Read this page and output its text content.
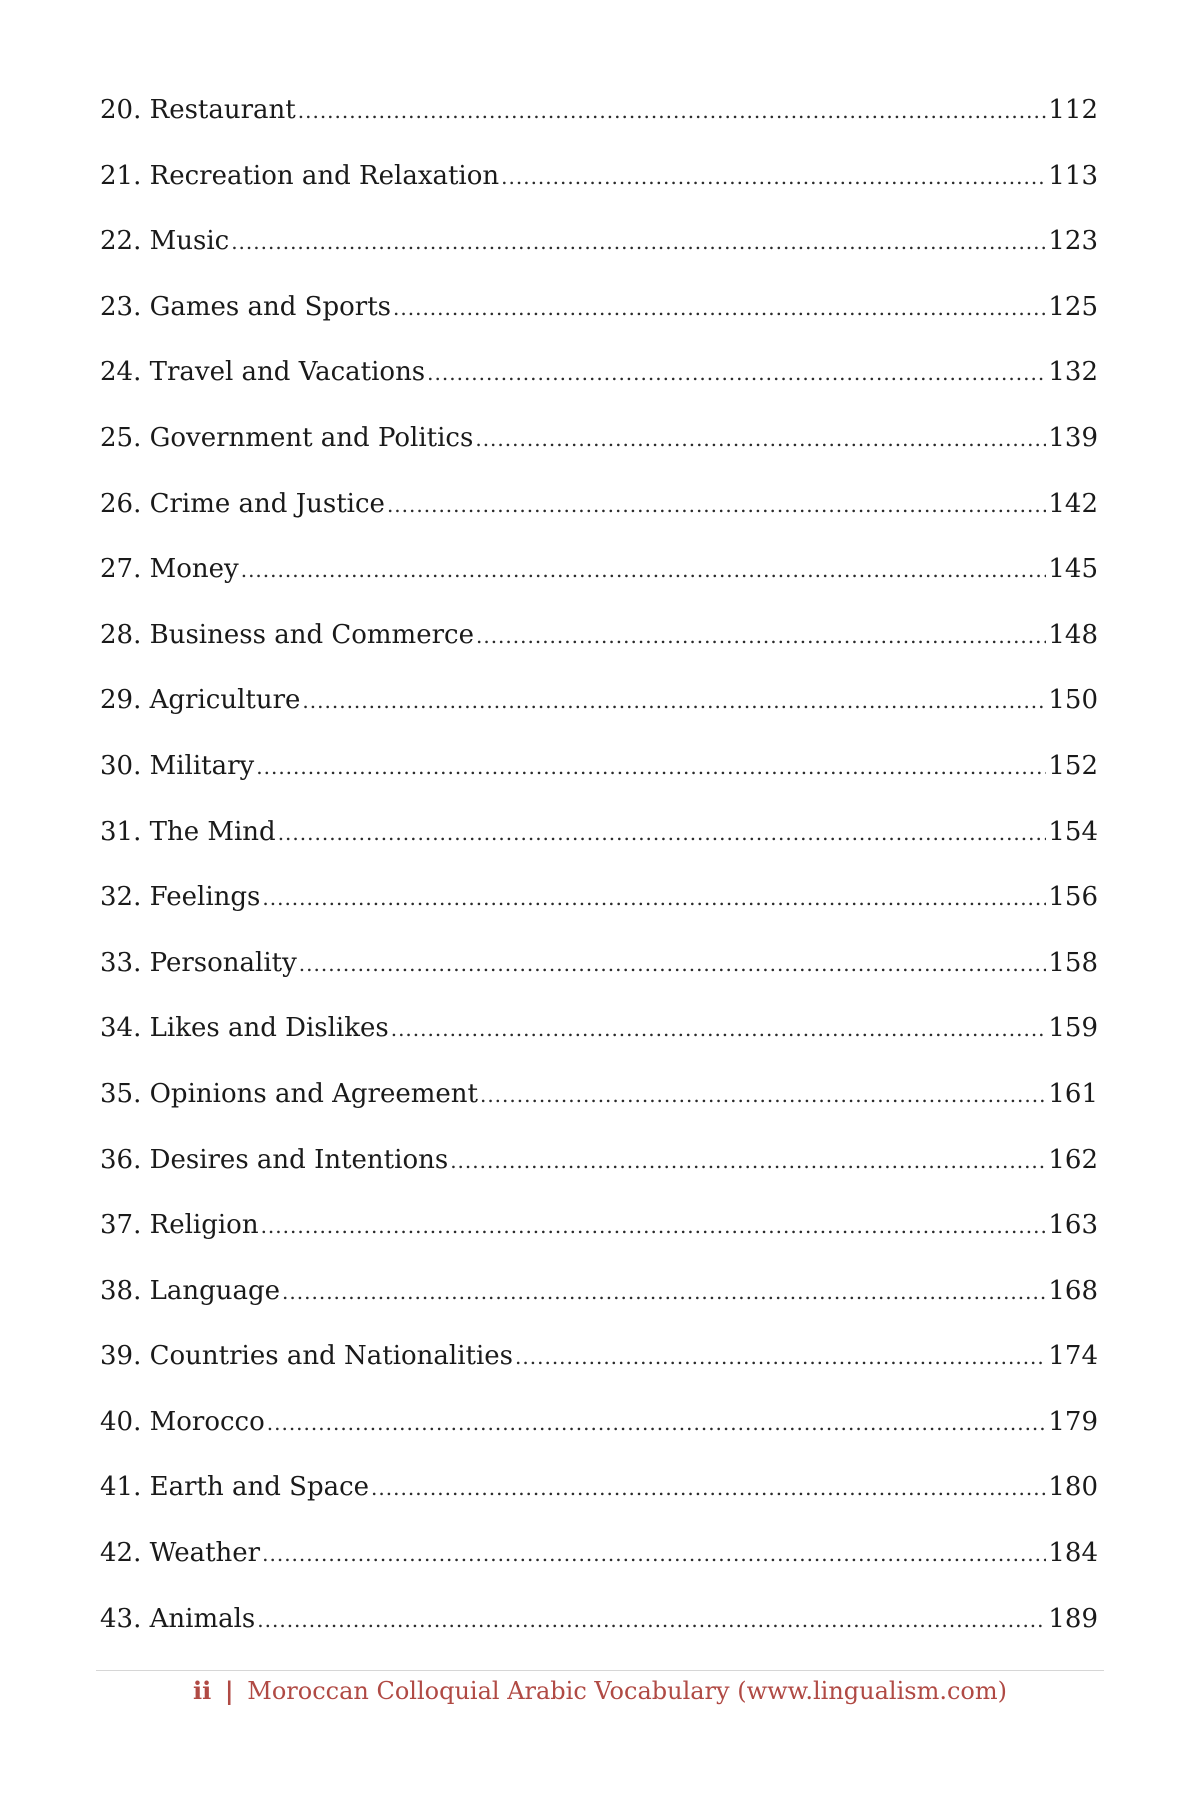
20. Restaurant .....	112
21. Recreation and Relaxation .....	113
22. Music .....	123
23. Games and Sports .....	125
24. Travel and Vacations .....	132
25. Government and Politics .....	139
26. Crime and Justice .....	142
27. Money .....	145
28. Business and Commerce .....	148
29. Agriculture .....	150
30. Military .....	152
31. The Mind .....	154
32. Feelings .....	156
33. Personality .....	158
34. Likes and Dislikes .....	159
35. Opinions and Agreement .....	161
36. Desires and Intentions .....	162
37. Religion .....	163
38. Language .....	168
39. Countries and Nationalities .....	174
40. Morocco .....	179
41. Earth and Space .....	180
42. Weather .....	184
43. Animals .....	189
ii | Moroccan Colloquial Arabic Vocabulary (www.lingualism.com)
